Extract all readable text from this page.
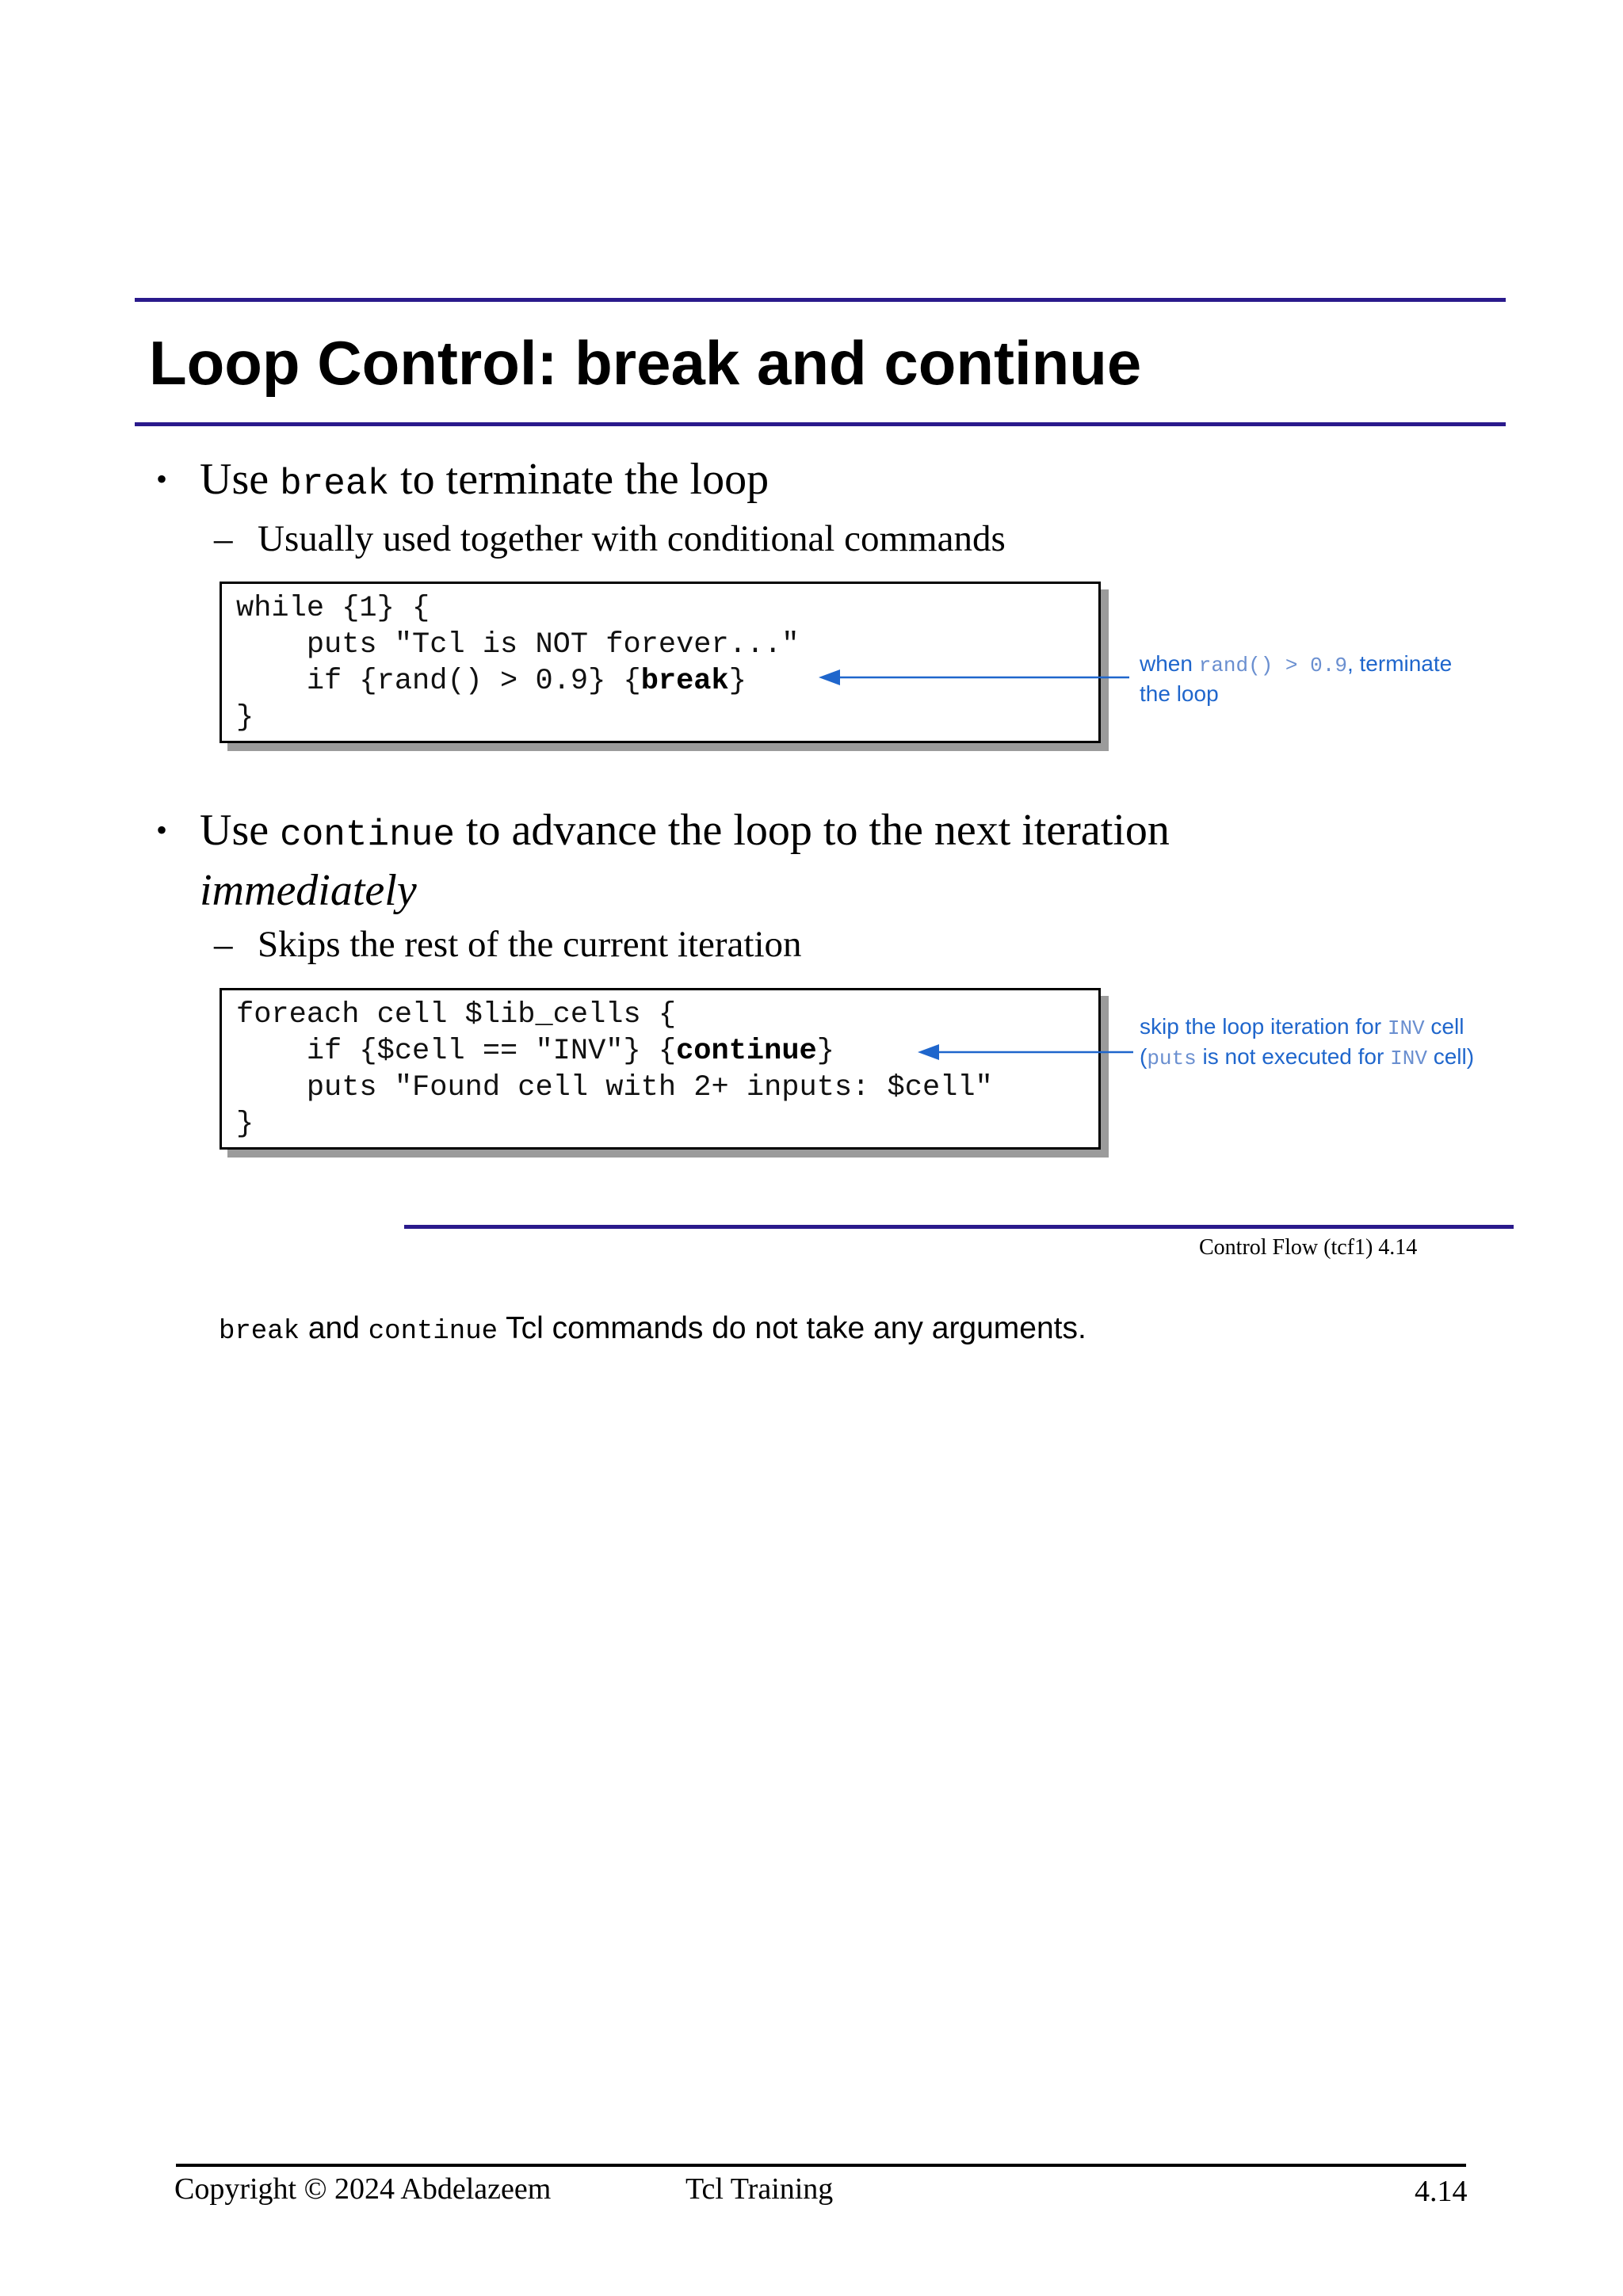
Loop Control: break and continue
• Use break to terminate the loop
– Usually used together with conditional commands
while {1} {
puts "Tcl is NOT forever..."
if {rand() > 0.9} {break}
}
when rand() > 0.9, terminate the loop
• Use continue to advance the loop to the next iteration
immediately
– Skips the rest of the current iteration
foreach cell $lib_cells {
if {$cell == "INV"} {continue}
puts "Found cell with 2+ inputs: $cell"
}
skip the loop iteration for INV cell (puts is not executed for INV cell)
Control Flow (tcf1) 4.14
break and continue Tcl commands do not take any arguments.
Copyright © 2024 Abdelazeem	Tcl Training	4.14
